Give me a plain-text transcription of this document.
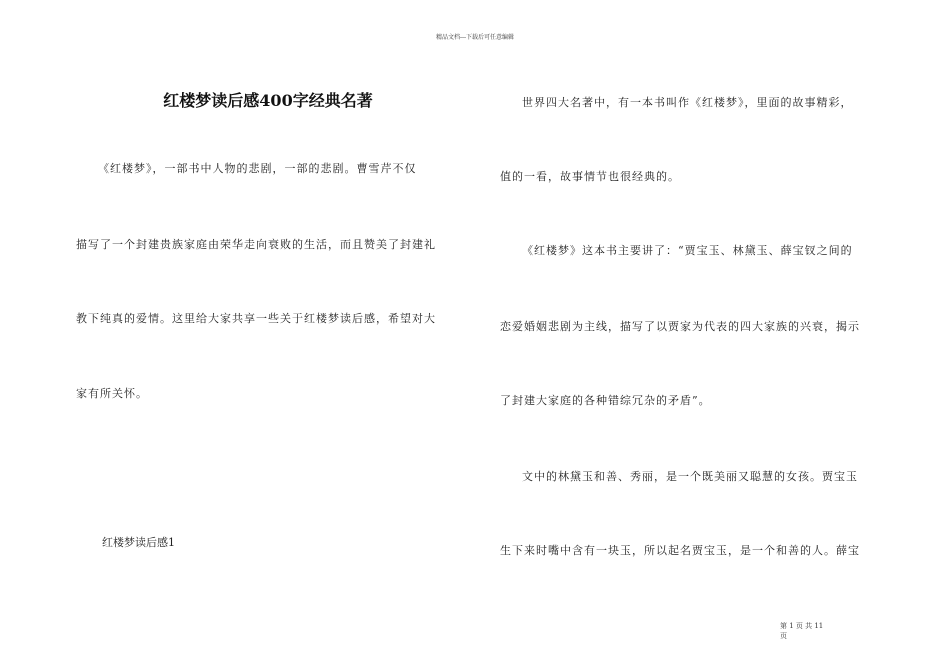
精品文档---下载后可任意编辑
红楼梦读后感400字经典名著
《红楼梦》，一部书中人物的悲剧，一部的悲剧。曹雪芹不仅
描写了一个封建贵族家庭由荣华走向衰败的生活，而且赞美了封建礼
教下纯真的爱情。这里给大家共享一些关于红楼梦读后感，希望对大
家有所关怀。
红楼梦读后感1
世界四大名著中，有一本书叫作《红楼梦》，里面的故事精彩，
值的一看，故事情节也很经典的。
《红楼梦》这本书主要讲了：“贾宝玉、林黛玉、薛宝钗之间的
恋爱婚姻悲剧为主线，描写了以贾家为代表的四大家族的兴衰，揭示
了封建大家庭的各种错综冗杂的矛盾”。
文中的林黛玉和善、秀丽，是一个既美丽又聪慧的女孩。贾宝玉
生下来时嘴中含有一块玉，所以起名贾宝玉，是一个和善的人。薛宝
第 1 页 共 11
页
